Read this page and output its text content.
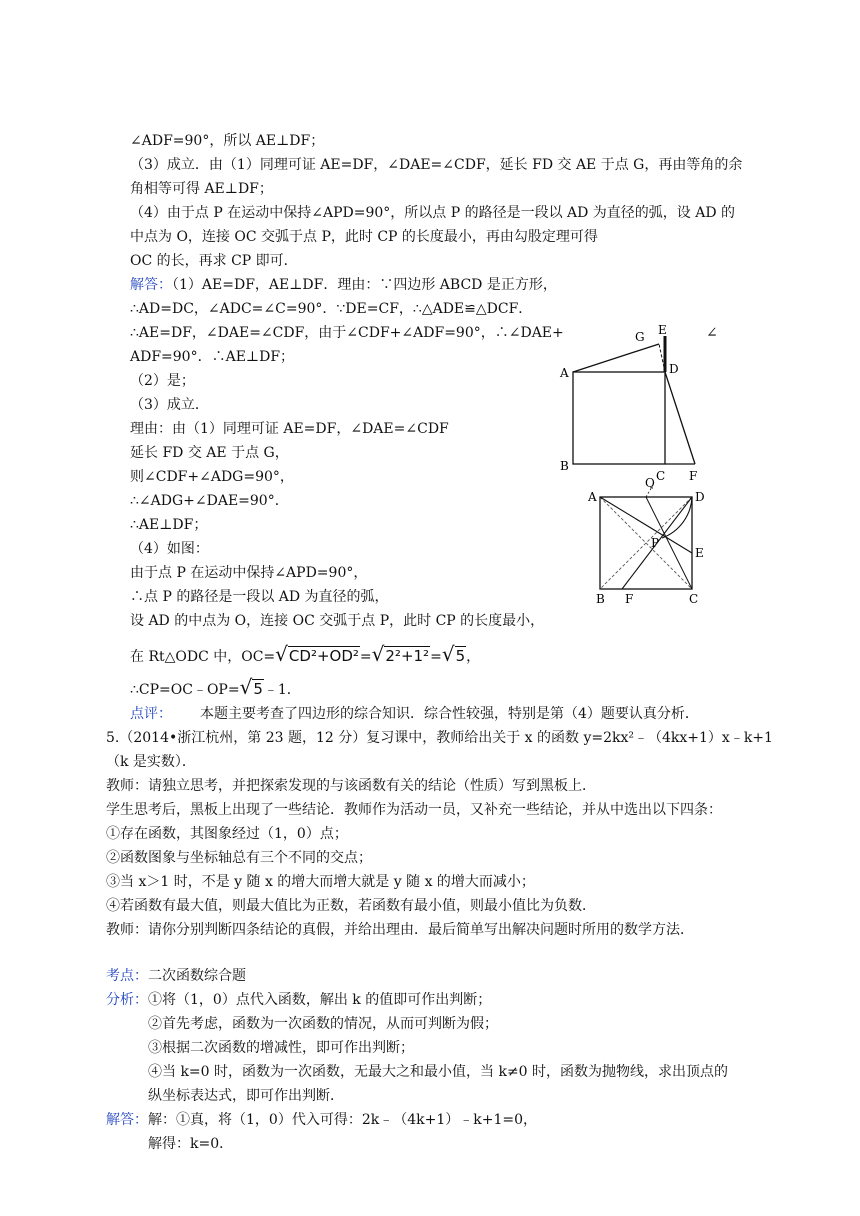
∠ADF=90°，所以 AE⊥DF；
（3）成立．由（1）同理可证 AE=DF，∠DAE=∠CDF，延长 FD 交 AE 于点 G，再由等角的余
角相等可得 AE⊥DF；
（4）由于点 P 在运动中保持∠APD=90°，所以点 P 的路径是一段以 AD 为直径的弧，设 AD 的
中点为 O，连接 OC 交弧于点 P，此时 CP 的长度最小，再由勾股定理可得
OC 的长，再求 CP 即可．
解答：（1）AE=DF，AE⊥DF．理由：∵四边形 ABCD 是正方形，
∴AD=DC，∠ADC=∠C=90°．∵DE=CF，∴△ADE≌△DCF．
∴AE=DF，∠DAE=∠CDF，由于∠CDF+∠ADF=90°，∴∠DAE+	∠
ADF=90°．∴AE⊥DF；
（2）是；
（3）成立．
理由：由（1）同理可证 AE=DF，∠DAE=∠CDF
延长 FD 交 AE 于点 G，
则∠CDF+∠ADG=90°，
∴∠ADG+∠DAE=90°．
∴AE⊥DF；
（4）如图：
由于点 P 在运动中保持∠APD=90°，
∴点 P 的路径是一段以 AD 为直径的弧，
设 AD 的中点为 O，连接 OC 交弧于点 P，此时 CP 的长度最小，
在 Rt△ODC 中，OC=√CD²+OD²=√2²+1²=√5，
∴CP=OC﹣OP=√5﹣1．
点评： 本题主要考查了四边形的综合知识．综合性较强，特别是第（4）题要认真分析．
5.（2014•浙江杭州，第 23 题，12 分）复习课中，教师给出关于 x 的函数 y=2kx²﹣（4kx+1）x﹣k+1
（k 是实数）．
教师：请独立思考，并把探索发现的与该函数有关的结论（性质）写到黑板上．
学生思考后，黑板上出现了一些结论．教师作为活动一员，又补充一些结论，并从中选出以下四条：
①存在函数，其图象经过（1，0）点；
②函数图象与坐标轴总有三个不同的交点；
③当 x＞1 时，不是 y 随 x 的增大而增大就是 y 随 x 的增大而减小；
④若函数有最大值，则最大值比为正数，若函数有最小值，则最小值比为负数．
教师：请你分别判断四条结论的真假，并给出理由．最后简单写出解决问题时所用的数学方法．
考点：二次函数综合题
分析：①将（1，0）点代入函数，解出 k 的值即可作出判断；
②首先考虑，函数为一次函数的情况，从而可判断为假；
③根据二次函数的增减性，即可作出判断；
④当 k=0 时，函数为一次函数，无最大之和最小值，当 k≠0 时，函数为抛物线，求出顶点的
纵坐标表达式，即可作出判断．
解答：解：①真，将（1，0）代入可得：2k﹣（4k+1）﹣k+1=0，
解得：k=0．
A
B
C
D
E
F
G
A
B	C
D
E
F
P
Q
